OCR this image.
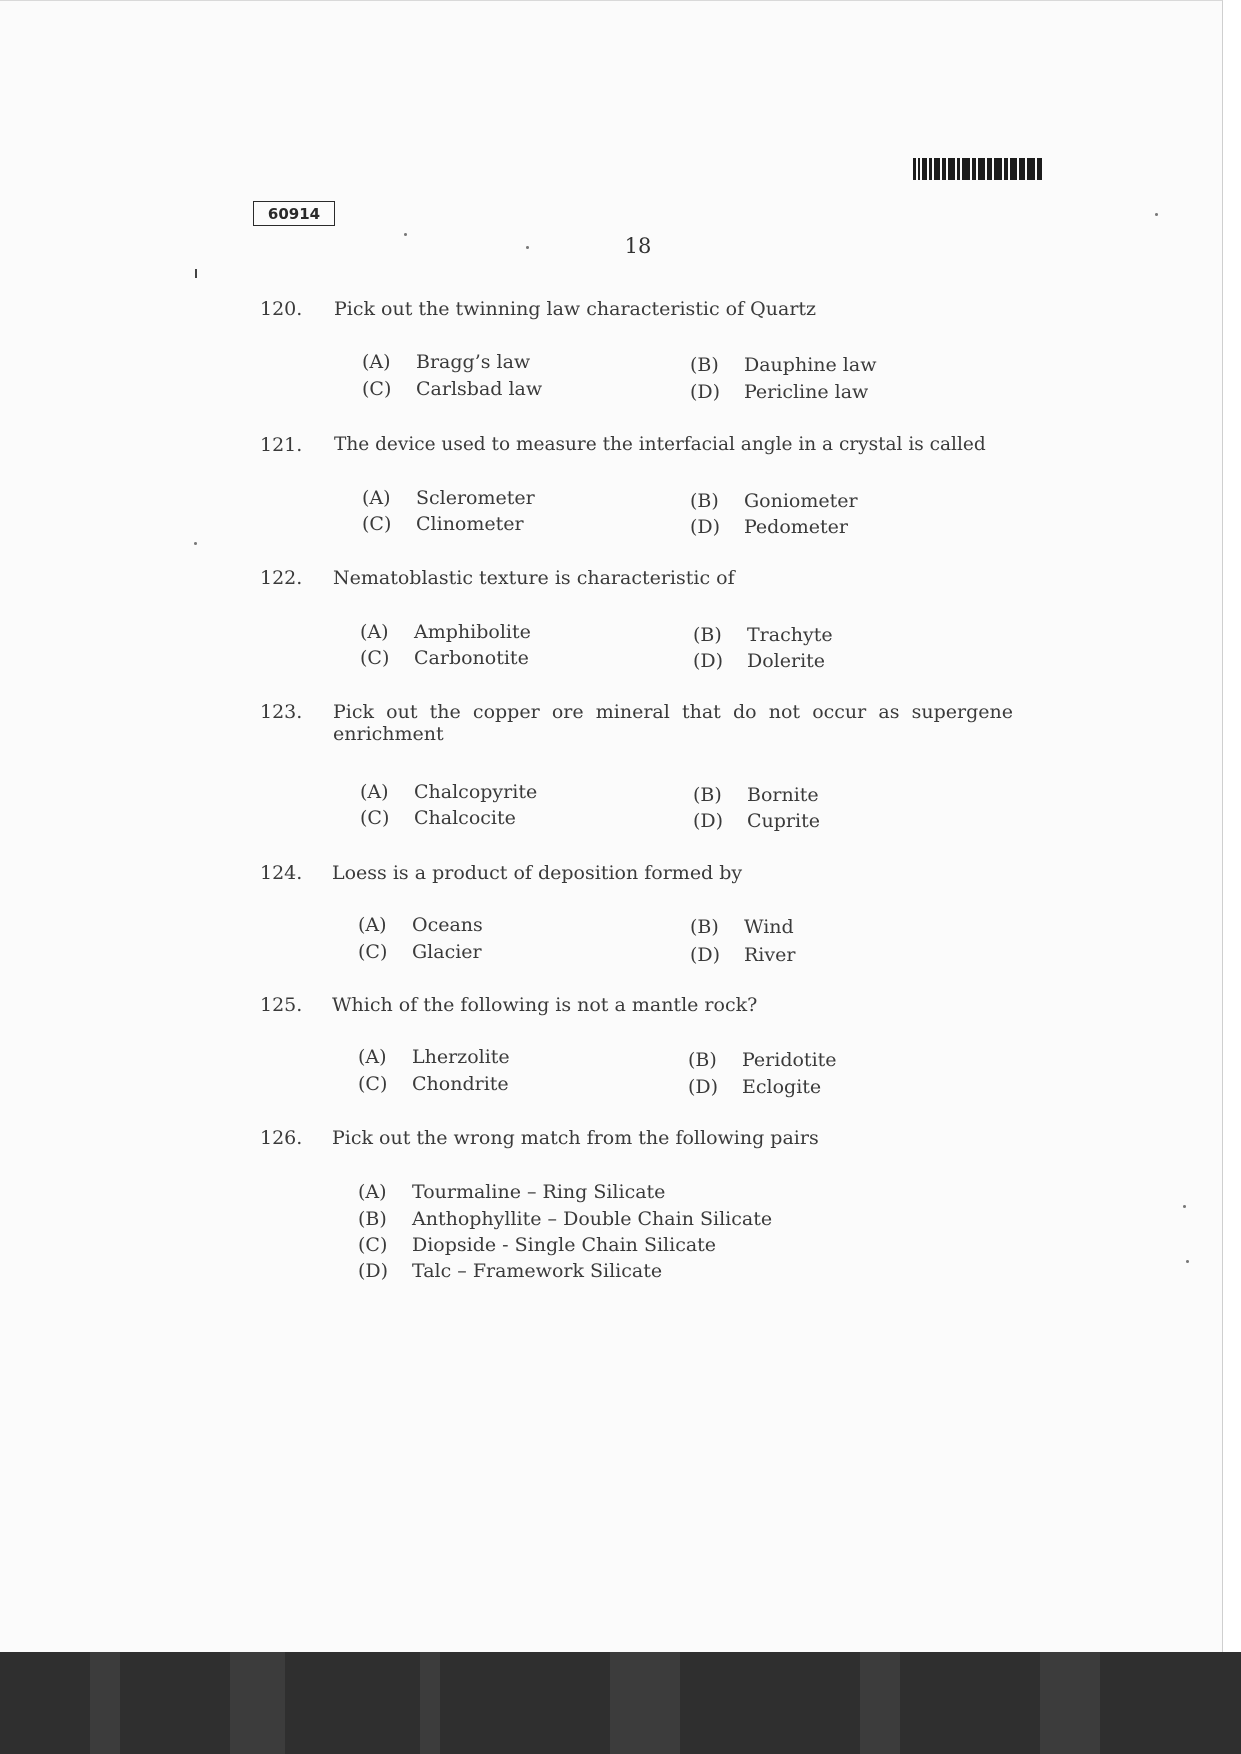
60914
18
120. Pick out the twinning law characteristic of Quartz
(A) Bragg’s law	(B) Dauphine law
(C) Carlsbad law	(D) Pericline law
121. The device used to measure the interfacial angle in a crystal is called
(A) Sclerometer	(B) Goniometer
(C) Clinometer	(D) Pedometer
122. Nematoblastic texture is characteristic of
(A) Amphibolite	(B) Trachyte
(C) Carbonotite	(D) Dolerite
123. Pick out the copper ore mineral that do not occur as supergene enrichment
(A) Chalcopyrite	(B) Bornite
(C) Chalcocite	(D) Cuprite
124. Loess is a product of deposition formed by
(A) Oceans	(B) Wind
(C) Glacier	(D) River
125. Which of the following is not a mantle rock?
(A) Lherzolite	(B) Peridotite
(C) Chondrite	(D) Eclogite
126. Pick out the wrong match from the following pairs
(A) Tourmaline – Ring Silicate
(B) Anthophyllite – Double Chain Silicate
(C) Diopside - Single Chain Silicate
(D) Talc – Framework Silicate
